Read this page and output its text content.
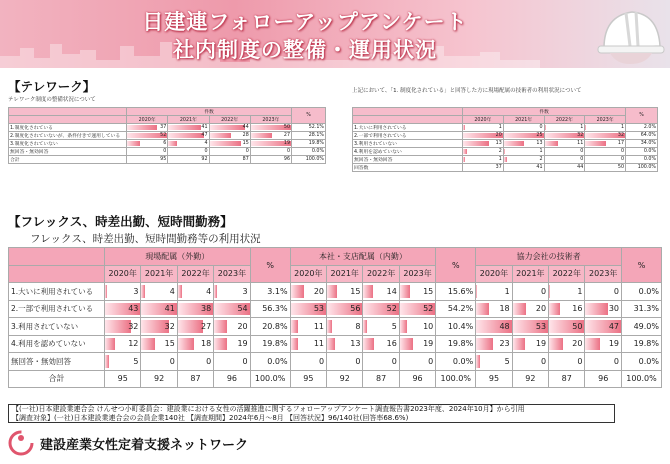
日建連フォローアップアンケート
社内制度の整備・運用状況
【テレワーク】
テレワーク制度の整備状況について
	件数				%
	2020年	2021年	2022年	2023年	
1.制度化されている	37	41	44	50	52.1%
2.制度化されていないが、条件付きで運用している	52	47	28	27	28.1%
3.制度化されていない	6	4	15	19	19.8%
無回答・無効回答	0	0	0	0	0.0%
合計	95	92	87	96	100.0%
上記において、「1. 制度化されている」と回答した方に現場配属の技術者の利用状況について
	件数				%
	2020年	2021年	2022年	2023年	
1.大いに利用されている	1	0	1	1	2.0%
2.一部で利用されている	20	25	32	32	64.0%
3.利用されていない	13	13	11	17	34.0%
4.利用を認めていない	2	1	0	0	0.0%
無回答・無効回答	1	2	0	0	0.0%
回答数	37	41	44	50	100.0%
【フレックス、時差出勤、短時間勤務】
フレックス、時差出勤、短時間勤務等の利用状況
	現場配属（外勤）				%	本社・支店配属（内勤）				%	協力会社の技術者				%
	2020年	2021年	2022年	2023年		2020年	2021年	2022年	2023年		2020年	2021年	2022年	2023年	
1.大いに利用されている	3	4	4	3	3.1%	20	15	14	15	15.6%	1	0	1	0	0.0%
2.一部で利用されている	43	41	38	54	56.3%	53	56	52	52	54.2%	18	20	16	30	31.3%
3.利用されていない	32	32	27	20	20.8%	11	8	5	10	10.4%	48	53	50	47	49.0%
4.利用を認めていない	12	15	18	19	19.8%	11	13	16	19	19.8%	23	19	20	19	19.8%
無回答・無効回答	5	0	0	0	0.0%	0	0	0	0	0.0%	5	0	0	0	0.0%
合計	95	92	87	96	100.0%	95	92	87	96	100.0%	95	92	87	96	100.0%
【(一社)日本建設業連合会 けんせつ小町委員会：建設業における女性の活躍推進に関するフォローアップアンケート調査報告書2023年度、2024年10月】から引用
【調査対象】(一社)日本建設業連合会の会員企業140社 【調査期間】2024年6月～8月 【回答状況】96/140社(回答率68.6%)
建設産業女性定着支援ネットワーク
